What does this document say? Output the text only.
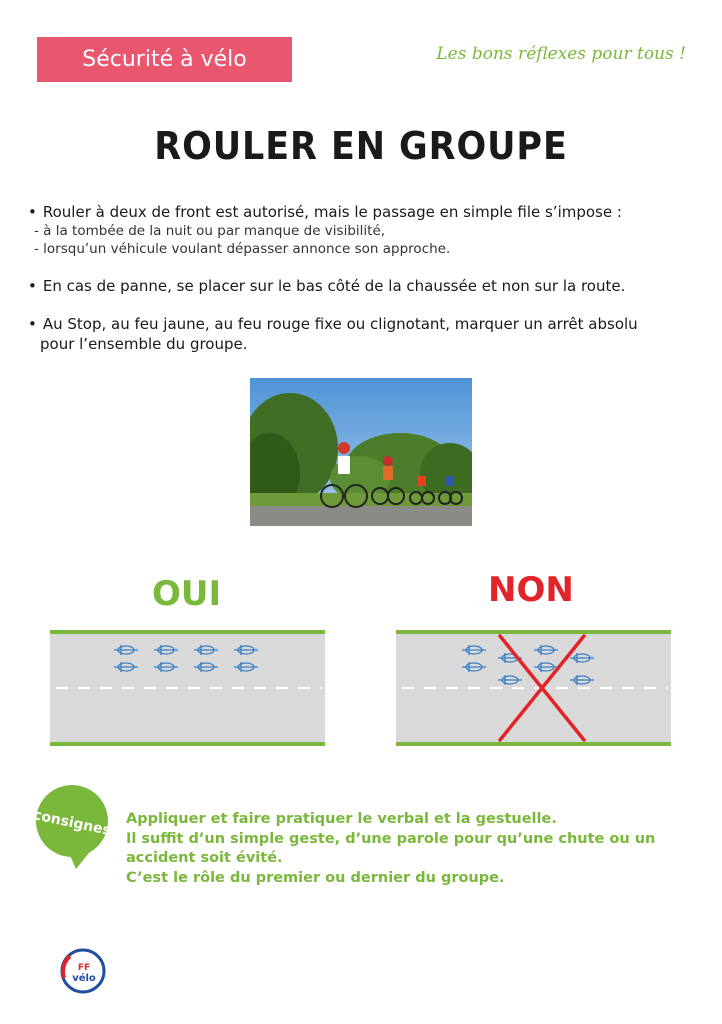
Sécurité à vélo	Les bons réflexes pour tous !
ROULER EN GROUPE
• Rouler à deux de front est autorisé, mais le passage en simple file s’impose :
- à la tombée de la nuit ou par manque de visibilité,
- lorsqu’un véhicule voulant dépasser annonce son approche.
• En cas de panne, se placer sur le bas côté de la chaussée et non sur la route.
• Au Stop, au feu jaune, au feu rouge fixe ou clignotant, marquer un arrêt absolu
pour l’ensemble du groupe.
OUI	NON
consignes Appliquer et faire pratiquer le verbal et la gestuelle.
Il suffit d’un simple geste, d’une parole pour qu’une chute ou un
accident soit évité.
C’est le rôle du premier ou dernier du groupe.
FF
vélo
